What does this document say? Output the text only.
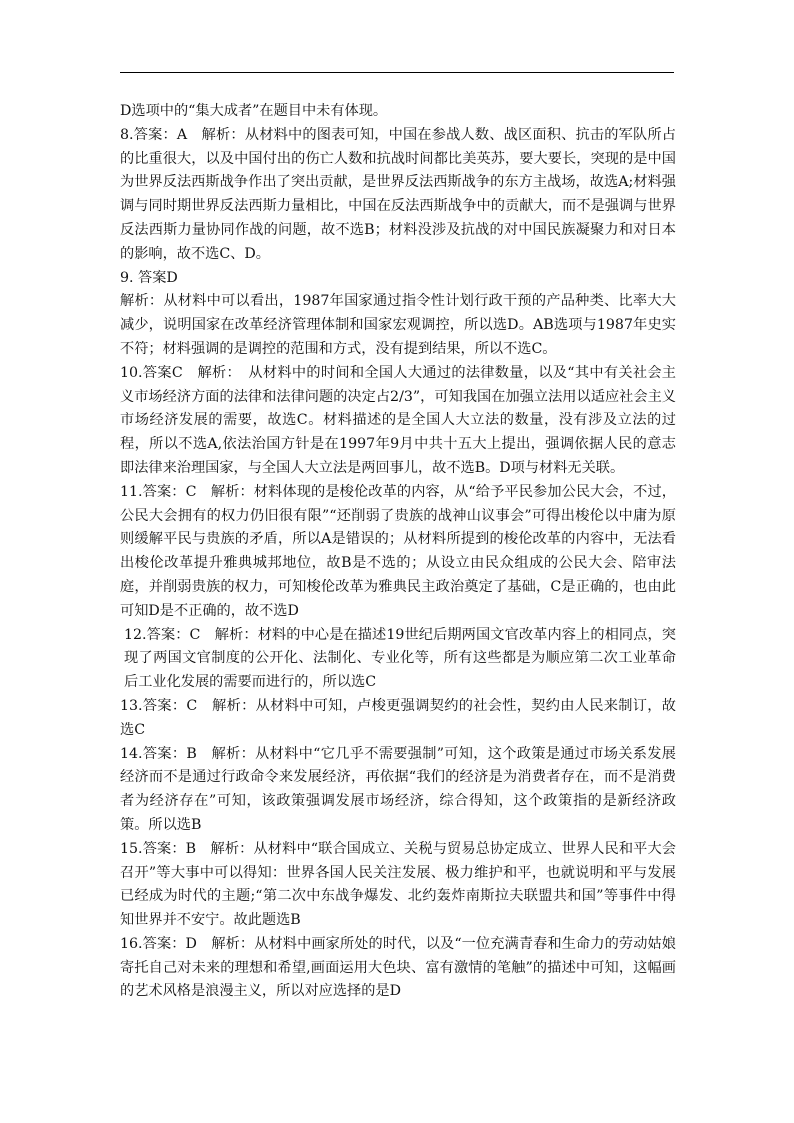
D选项中的“集大成者”在题目中未有体现。

8.答案：A　解析：从材料中的图表可知，中国在参战人数、战区面积、抗击的军队所占的比重很大，以及中国付出的伤亡人数和抗战时间都比美英苏，要大要长，突现的是中国为世界反法西斯战争作出了突出贡献，是世界反法西斯战争的东方主战场，故选A;材料强调与同时期世界反法西斯力量相比，中国在反法西斯战争中的贡献大，而不是强调与世界反法西斯力量协同作战的问题，故不选B；材料没涉及抗战的对中国民族凝聚力和对日本的影响，故不选C、D。

9. 答案D

解析：从材料中可以看出，1987年国家通过指令性计划行政干预的产品种类、比率大大减少，说明国家在改革经济管理体制和国家宏观调控，所以选D。AB选项与1987年史实不符；材料强调的是调控的范围和方式，没有提到结果，所以不选C。

10.答案C　解析：　从材料中的时间和全国人大通过的法律数量，以及“其中有关社会主义市场经济方面的法律和法律问题的决定占2/3”，可知我国在加强立法用以适应社会主义市场经济发展的需要，故选C。材料描述的是全国人大立法的数量，没有涉及立法的过程，所以不选A,依法治国方针是在1997年9月中共十五大上提出，强调依据人民的意志即法律来治理国家，与全国人大立法是两回事儿，故不选B。D项与材料无关联。

11.答案：C　解析：材料体现的是梭伦改革的内容，从“给予平民参加公民大会，不过，公民大会拥有的权力仍旧很有限”“还削弱了贵族的战神山议事会”可得出梭伦以中庸为原则缓解平民与贵族的矛盾，所以A是错误的；从材料所提到的梭伦改革的内容中，无法看出梭伦改革提升雅典城邦地位，故B是不选的；从设立由民众组成的公民大会、陪审法庭，并削弱贵族的权力，可知梭伦改革为雅典民主政治奠定了基础，C是正确的，也由此可知D是不正确的，故不选D

12.答案：C　解析：材料的中心是在描述19世纪后期两国文官改革内容上的相同点，突现了两国文官制度的公开化、法制化、专业化等，所有这些都是为顺应第二次工业革命后工业化发展的需要而进行的，所以选C

13.答案：C　解析：从材料中可知，卢梭更强调契约的社会性，契约由人民来制订，故选C

14.答案：B　解析：从材料中“它几乎不需要强制”可知，这个政策是通过市场关系发展经济而不是通过行政命令来发展经济，再依据“我们的经济是为消费者存在，而不是消费者为经济存在”可知，该政策强调发展市场经济，综合得知，这个政策指的是新经济政策。所以选B

15.答案：B　解析：从材料中“联合国成立、关税与贸易总协定成立、世界人民和平大会召开”等大事中可以得知：世界各国人民关注发展、极力维护和平，也就说明和平与发展已经成为时代的主题;“第二次中东战争爆发、北约轰炸南斯拉夫联盟共和国”等事件中得知世界并不安宁。故此题选B

16.答案：D　解析：从材料中画家所处的时代，以及“一位充满青春和生命力的劳动姑娘寄托自己对未来的理想和希望,画面运用大色块、富有激情的笔触”的描述中可知，这幅画的艺术风格是浪漫主义，所以对应选择的是D
